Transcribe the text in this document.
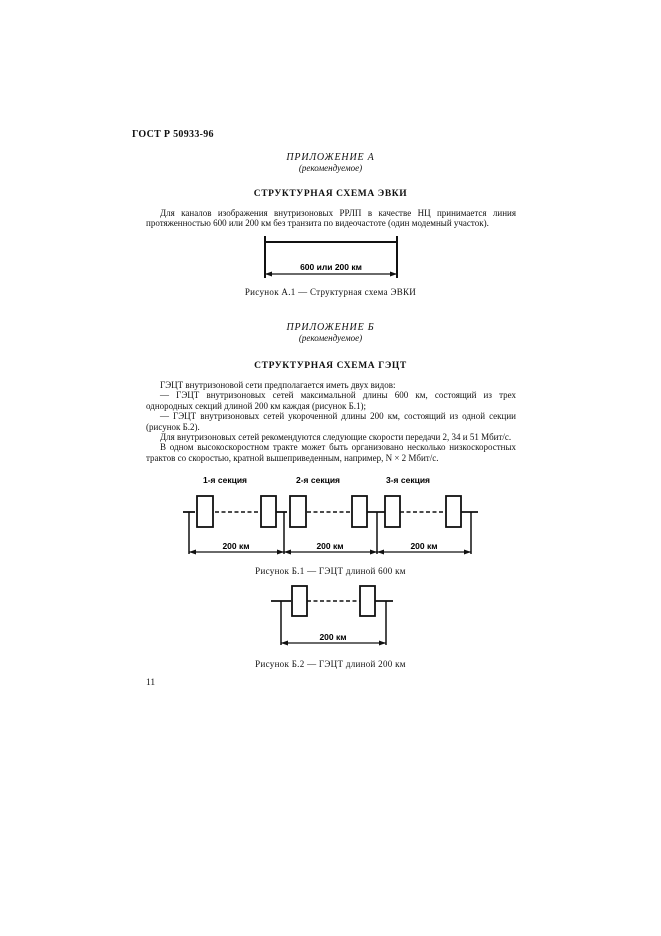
ГОСТ Р 50933-96
ПРИЛОЖЕНИЕ А
(рекомендуемое)
СТРУКТУРНАЯ СХЕМА ЭВКИ

Для каналов изображения внутризоновых РРЛП в качестве НЦ принимается линия протяженностью 600 или 200 км без транзита по видеочастоте (один модемный участок).

600 или 200 км
Рисунок А.1 — Структурная схема ЭВКИ
ПРИЛОЖЕНИЕ Б
(рекомендуемое)
СТРУКТУРНАЯ СХЕМА ГЭЦТ

ГЭЦТ внутризоновой сети предполагается иметь двух видов:

— ГЭЦТ внутризоновых сетей максимальной длины 600 км, состоящий из трех однородных секций длиной 200 км каждая (рисунок Б.1);

— ГЭЦТ внутризоновых сетей укороченной длины 200 км, состоящий из одной секции (рисунок Б.2).

Для внутризоновых сетей рекомендуются следующие скорости передачи 2, 34 и 51 Мбит/с.

В одном высокоскоростном тракте может быть организовано несколько низкоскоростных трактов со скоростью, кратной вышеприведенным, например, N × 2 Мбит/с.

1-я секция	2-я секция	3-я секция
200 км	200 км	200 км
Рисунок Б.1 — ГЭЦТ длиной 600 км
200 км
Рисунок Б.2 — ГЭЦТ длиной 200 км
11
